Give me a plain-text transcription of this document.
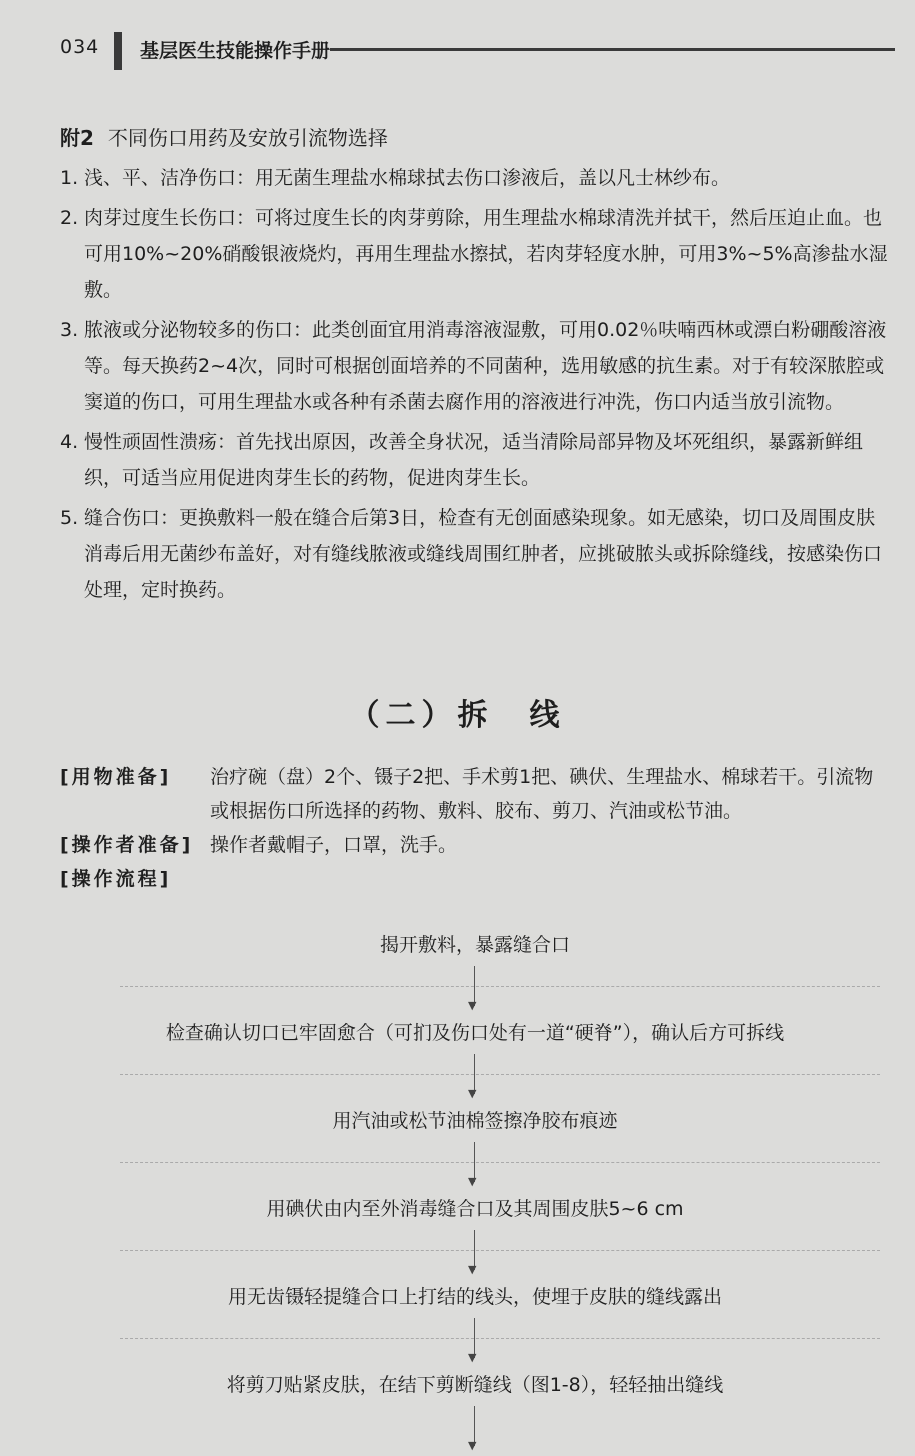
034 基层医生技能操作手册
附2 不同伤口用药及安放引流物选择
1. 浅、平、洁净伤口：用无菌生理盐水棉球拭去伤口渗液后，盖以凡士林纱布。
2. 肉芽过度生长伤口：可将过度生长的肉芽剪除，用生理盐水棉球清洗并拭干，然后压迫止血。也可用10%~20%硝酸银液烧灼，再用生理盐水擦拭，若肉芽轻度水肿，可用3%~5%高渗盐水湿敷。
3. 脓液或分泌物较多的伤口：此类创面宜用消毒溶液湿敷，可用0.02％呋喃西林或漂白粉硼酸溶液等。每天换药2~4次，同时可根据创面培养的不同菌种，选用敏感的抗生素。对于有较深脓腔或窦道的伤口，可用生理盐水或各种有杀菌去腐作用的溶液进行冲洗，伤口内适当放引流物。
4. 慢性顽固性溃疡：首先找出原因，改善全身状况，适当清除局部异物及坏死组织，暴露新鲜组织，可适当应用促进肉芽生长的药物，促进肉芽生长。
5. 缝合伤口：更换敷料一般在缝合后第3日，检查有无创面感染现象。如无感染，切口及周围皮肤消毒后用无菌纱布盖好，对有缝线脓液或缝线周围红肿者，应挑破脓头或拆除缝线，按感染伤口处理，定时换药。
（二）拆　线
[用物准备]	治疗碗（盘）2个、镊子2把、手术剪1把、碘伏、生理盐水、棉球若干。引流物或根据伤口所选择的药物、敷料、胶布、剪刀、汽油或松节油。
[操作者准备] 操作者戴帽子，口罩，洗手。
[操作流程]
揭开敷料，暴露缝合口
▼
检查确认切口已牢固愈合（可扪及伤口处有一道“硬脊”），确认后方可拆线
▼
用汽油或松节油棉签擦净胶布痕迹
▼
用碘伏由内至外消毒缝合口及其周围皮肤5~6 cm
▼
用无齿镊轻提缝合口上打结的线头，使埋于皮肤的缝线露出
▼
将剪刀贴紧皮肤，在结下剪断缝线（图1-8），轻轻抽出缝线
▼
